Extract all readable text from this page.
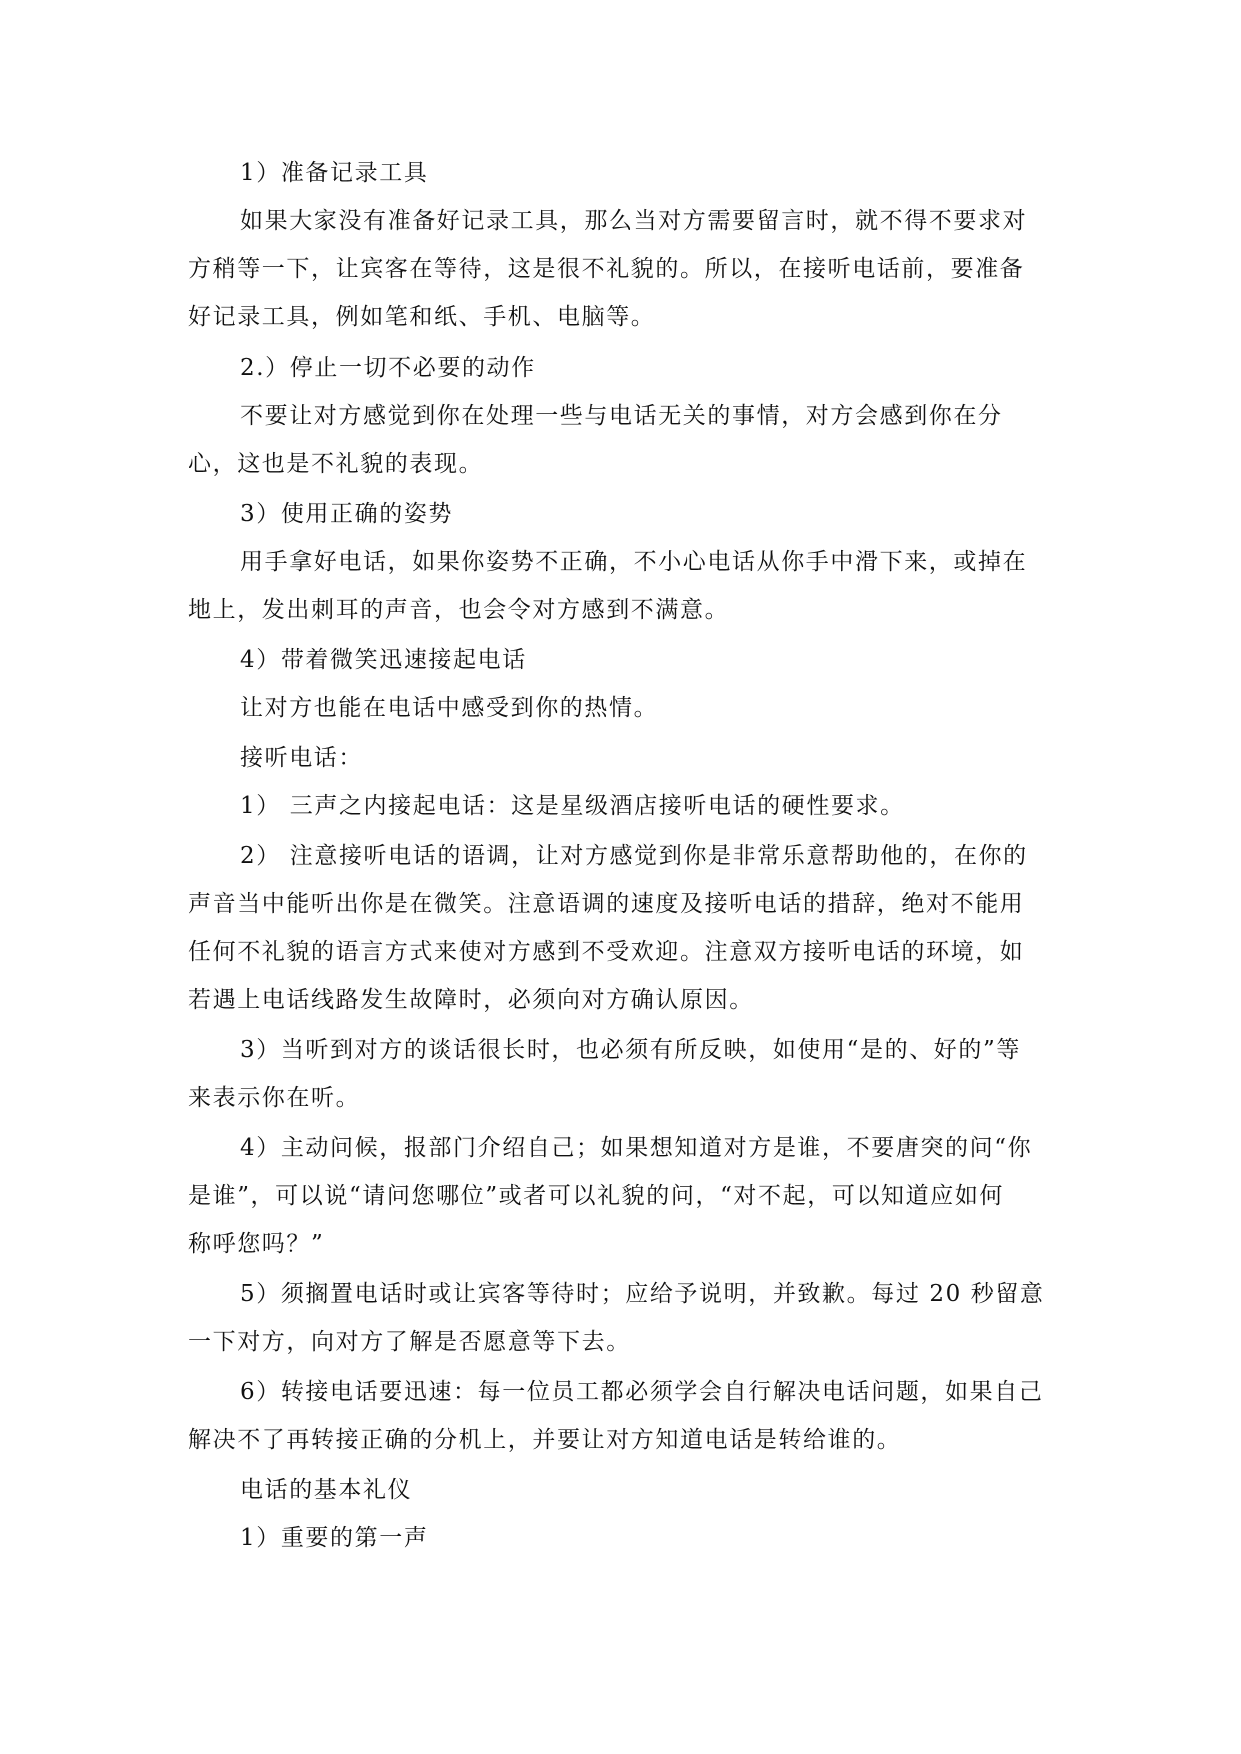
1）准备记录工具
如果大家没有准备好记录工具，那么当对方需要留言时，就不得不要求对
方稍等一下，让宾客在等待，这是很不礼貌的。所以，在接听电话前，要准备
好记录工具，例如笔和纸、手机、电脑等。
2.）停止一切不必要的动作
不要让对方感觉到你在处理一些与电话无关的事情，对方会感到你在分
心，这也是不礼貌的表现。
3）使用正确的姿势
用手拿好电话，如果你姿势不正确，不小心电话从你手中滑下来，或掉在
地上，发出刺耳的声音，也会令对方感到不满意。
4）带着微笑迅速接起电话
让对方也能在电话中感受到你的热情。
接听电话：
1） 三声之内接起电话：这是星级酒店接听电话的硬性要求。
2） 注意接听电话的语调，让对方感觉到你是非常乐意帮助他的，在你的
声音当中能听出你是在微笑。注意语调的速度及接听电话的措辞，绝对不能用
任何不礼貌的语言方式来使对方感到不受欢迎。注意双方接听电话的环境，如
若遇上电话线路发生故障时，必须向对方确认原因。
3）当听到对方的谈话很长时，也必须有所反映，如使用“是的、好的”等
来表示你在听。
4）主动问候，报部门介绍自己；如果想知道对方是谁，不要唐突的问“你
是谁”，可以说“请问您哪位”或者可以礼貌的问，“对不起，可以知道应如何
称呼您吗？”
5）须搁置电话时或让宾客等待时；应给予说明，并致歉。每过 20 秒留意
一下对方，向对方了解是否愿意等下去。
6）转接电话要迅速：每一位员工都必须学会自行解决电话问题，如果自己
解决不了再转接正确的分机上，并要让对方知道电话是转给谁的。
电话的基本礼仪
1）重要的第一声
